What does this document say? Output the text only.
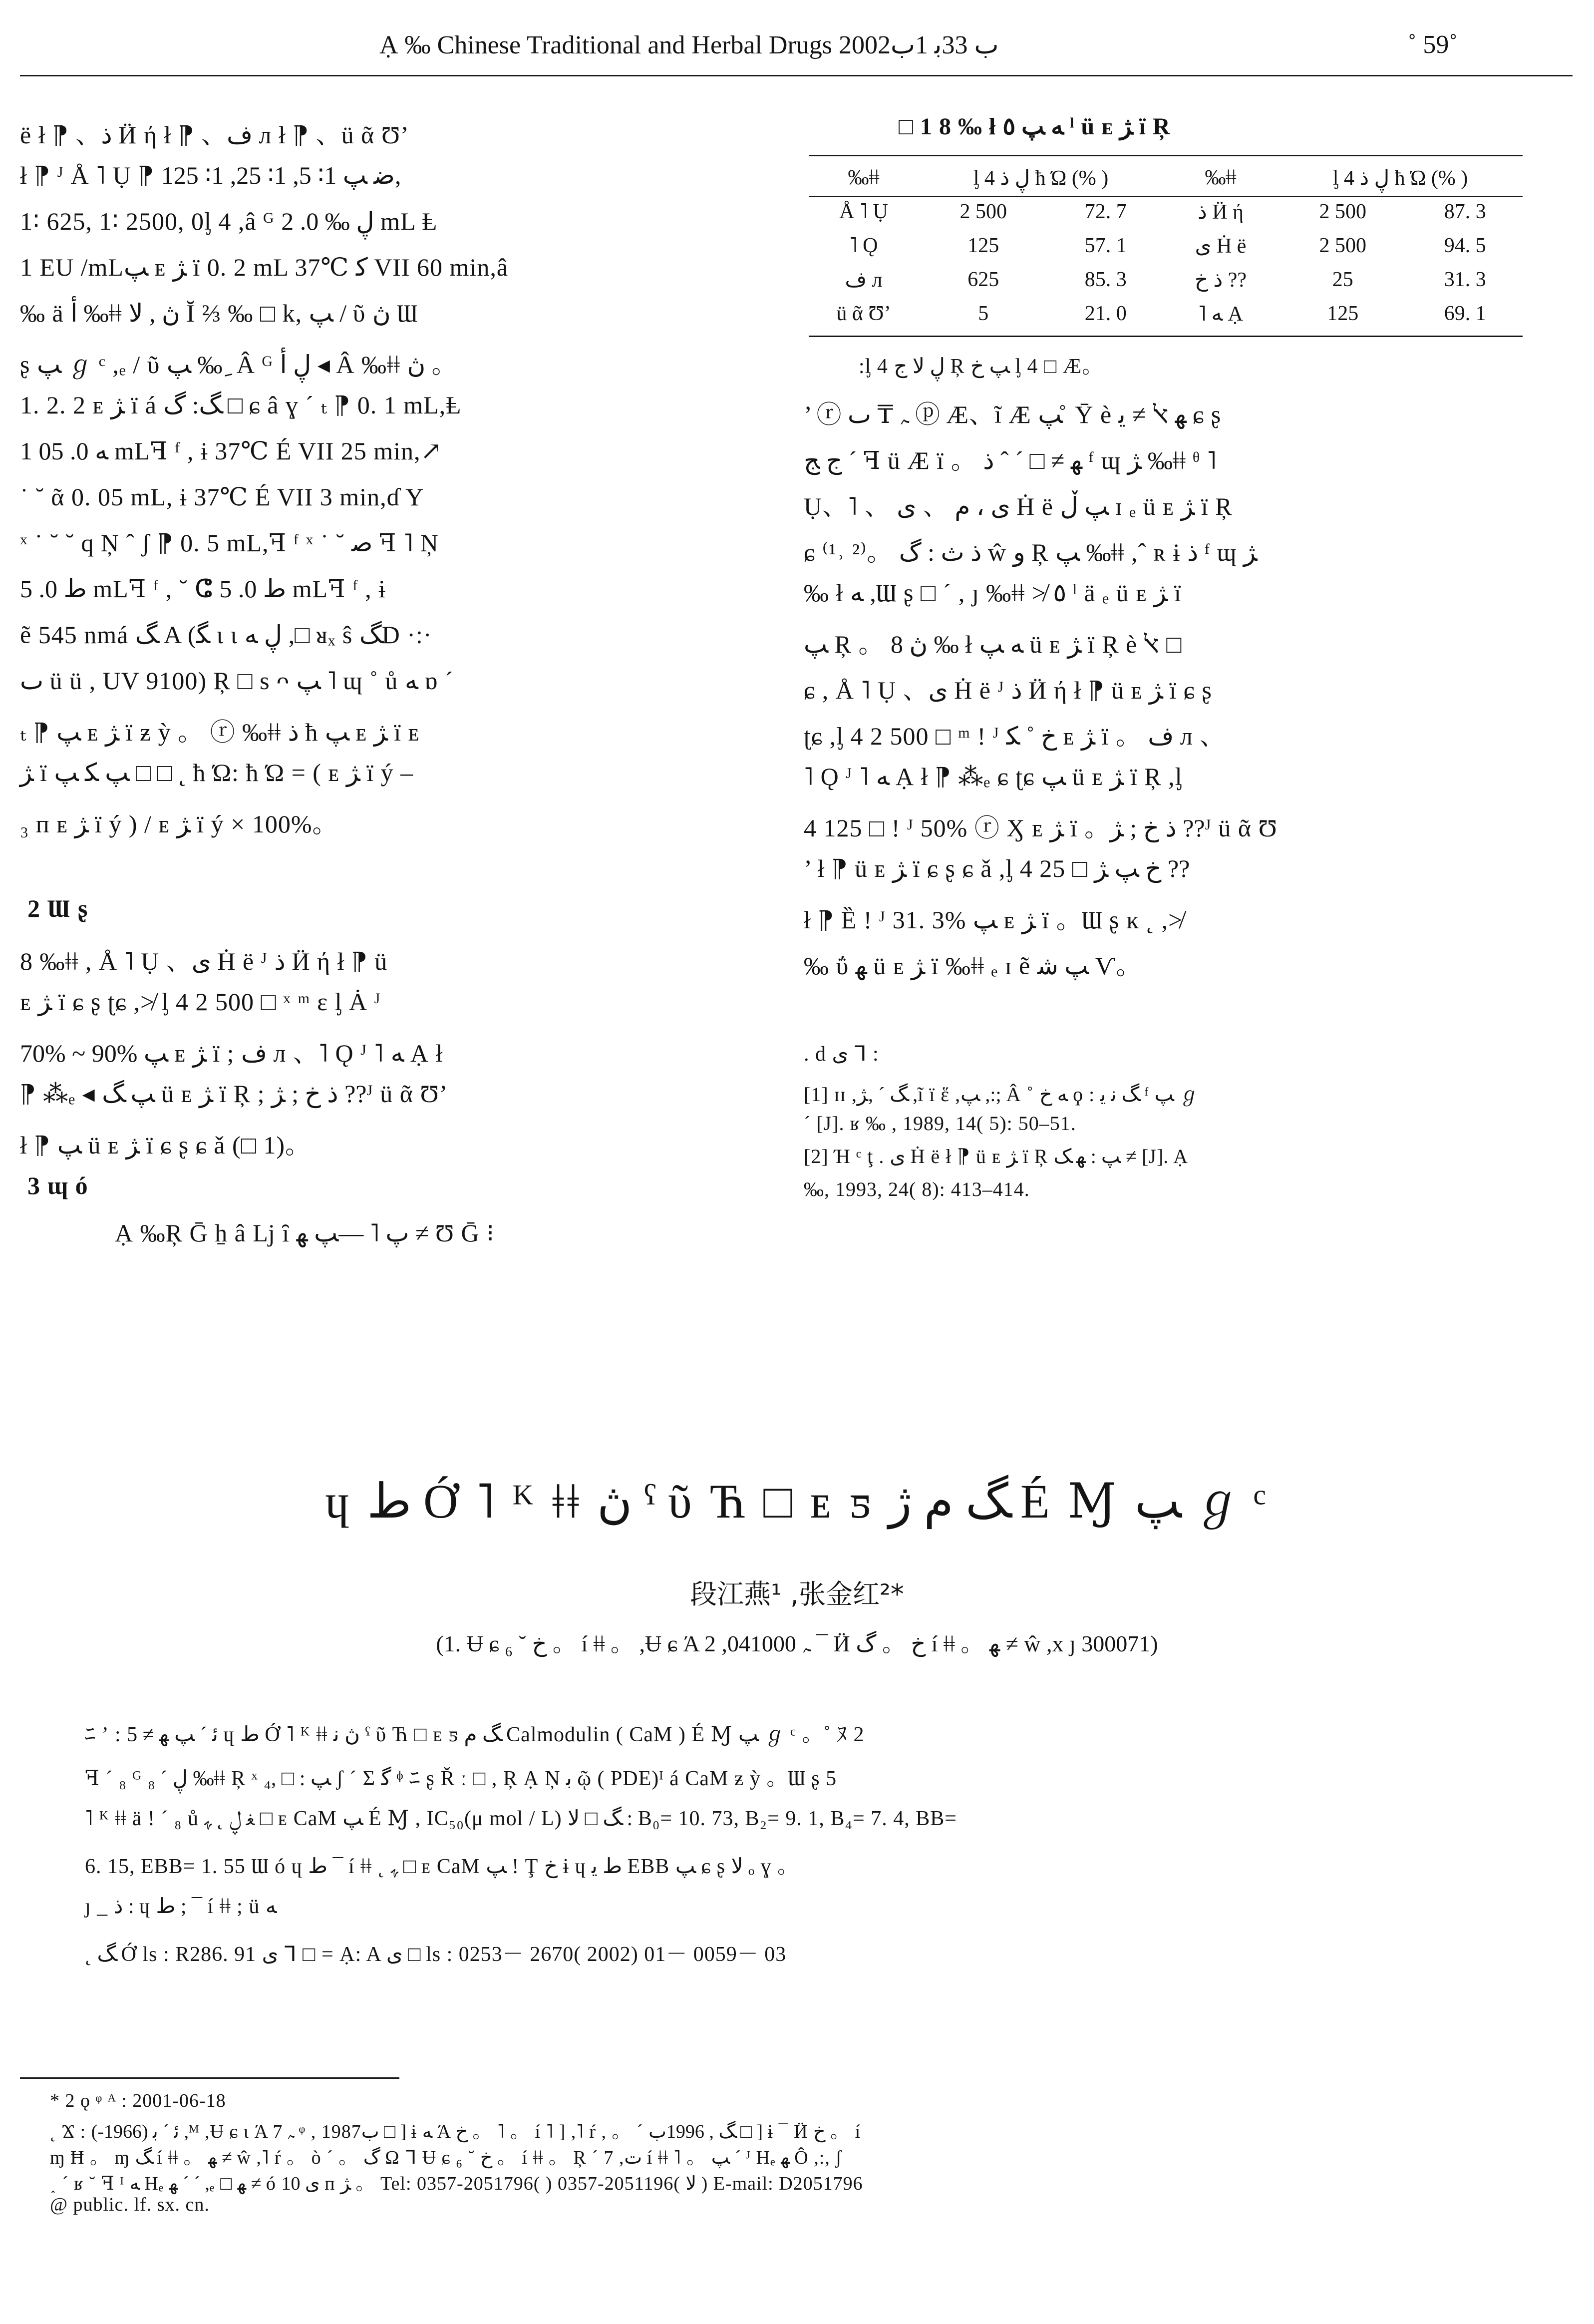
Ạ ‰ Chinese Traditional and Herbal Drugs 2002ب 33ﺑ 1ب	˚ 59˚
ë ł ⁋ 、ذ Ӥ ή ł ⁋ 、ف л ł ⁋ 、ü ᾶ Ʊ’
ł ⁋ ᴶ Å ˥ Ụ ⁋ ﺿ ﭗ 1∶ 5, 1∶ 25, 1∶ 125,
1∶ 625, 1∶ 2500, 0ᶅ 4 ,â ᴳ ڸ ‰ 0. 2 mL Ⱡ
1 EU /mLﭗ ᴇ ﮋ ï 0. 2 mL 37℃ ﻛ VII 60 min,â
‰ ä ﺃ ‰ǂǂ ڽ , ﻻ Ĭ ⅔ ‰ □ k, ﭗ / ῦ ڽ Ɯ
ʂ ﭗ ℊ ᶜ ,ₑ / ῦ ﭗ ‰ ِ Â ᴳ ڸ ﺃ ◂ Â ‰ǂǂ ڽ 。
1. 2. 2 ᴇ ﮋ ï á ﮓ: ﮒ □ ɕ â ɣ ´ ₜ ⁋ 0. 1 mL,Ⱡ
1 ﻪ 0. 05 mLꟻ ᶠ , ɨ 37℃ É VII 25 min,↗
˙ ˘ ᾶ 0. 05 mL, ɨ 37℃ É VII 3 min,ɗ Y
ˣ ˙ ˘ ˘ q Ņ ˆ ʃ ⁋ 0. 5 mL,ꟻ ᶠ ˣ ˙ ˘ ﺻ ꟻ ˥ Ņ
ﻁ 0. 5 mLꟻ ᶠ , ˘ ⵛ ﻁ 0. 5 mLꟻ ᶠ , ɨ
ẽ 545 nmá ﮓ A (ﮕ ɩ ɩ ڸ ﻪ ,□ ᴚₓ ŝ ﮓD ·:·
ٮ ü ü , UV 9100) Ŗ □ s ᴖ ﭗ ˥ ɰ ˚ ů ﻪ ɒ ˊ
ₜ ⁋ ﭗ ᴇ ﮋ ï ƶ ỳ 。 ⓡ ‰ǂǂ ذ ћ ﭗ ᴇ ﮋ ï ᴇ
ﮋ ï ﭗ ﮑ ﭗ □ □ ˛ ћ Ώ: ћ Ώ = ( ᴇ ﮋ ï ý –
₃ ᴨ ᴇ ﮋ ï ý ) / ᴇ ﮋ ï ý × 100%。
2 Ɯ ʂ
8 ‰ǂǂ , Å ˥ Ụ 、ى Ḣ ë ᴶ ذ Ӥ ή ł ⁋ ü
ᴇ ﮋ ï ɕ ʂ ʈɕ ,≯ ᶅ 4 2 500 □ ˣ ᵐ ɛ ᶅ Ȧ ᴶ
70% ~ 90% ﭗ ᴇ ﮋ ï ; ف л 、˥ Ǫ ᴶ ˥ ﻪ Ạ ł
⁋ ⁂ₑ ◂ ﭗ ﮓ ü ᴇ ﮋ ï Ŗ ; ذ خ ; ﮋ ??ᴶ ü ᾶ Ʊ’
ł ⁋ ﭗ ü ᴇ ﮋ ï ɕ ʂ ɕ ǎ (□ 1)。
3 ɰ ó
Ạ ‰Ŗ Ḡ ẖ â ǈ ȋ ﭖ ˥ —ﭗ ﻬ ≠ Ʊ Ḡ ⁝
□ 1 8 ‰ ł ﻪ ﭗ ٥ ˡ ü ᴇ ﮋ ï Ŗ
‰ǂǂ	ᶅ 4 ڸ ذ ћ Ώ (% )		‰ǂǂ	ᶅ 4 ڸ ذ ћ Ώ (% )	
Å ˥ Ụ	2 500	72. 7	ذ Ӥ ή	2 500	87. 3
˥ Ǫ	125	57. 1	ى Ḣ ë	2 500	94. 5
ف л	625	85. 3	ذ خ ??	25	31. 3
ü ᾶ Ʊ’	5	21. 0	˥ ﻪ Ạ	125	69. 1
:ᶅ 4 ڸ ﻻ ﺝ Ŗ ﭗ خ ᶅ 4 □ Æ。
’ ⓡ ﮧ ₸ ٮ ⓟ Æ、ĩ Æ ﭗ ̊ Ῡ è ﻬ ﭏ ≠ ﯾ ɕ ʂ
ﺝ ﺞ ´ ꟻ ü Æ ï 。 ﻬ ≠ □ ´ ˆ ذ ᶠ ɰ ﮋ ‰ǂǂ ᶿ ˥
Ụ、˥ 、 ى ، ﻡ 、 ى Ḣ ë ﭗ ڵ ɪ ₑ ü ᴇ ﮋ ï Ŗ
ɕ ⁽¹˒ ²⁾。 ذ ث : ﮒ ŵ و Ŗ ﭗ ‰ǂǂ ,ˆ ʀ ɨ ذ ᶠ ɰ ﮋ
‰ ł ﻪ ,Ɯ ʂ □ ´ , ȷ ‰ǂǂ ≯ ٥ ˡ ä ₑ ü ᴇ ﮋ ï
ﭗ Ŗ 。 ڽ 8 ‰ ł ﻪ ﭗ ü ᴇ ﮋ ï Ŗ è ﭏ □
ɕ , Å ˥ Ụ 、ى Ḣ ë ᴶ ذ Ӥ ή ł ⁋ ü ᴇ ﮋ ï ɕ ʂ
ʈɕ ,ᶅ 4 2 500 □ ᵐ ǃ ᴶ خ ˚ ﮑ ᴇ ﮋ ï 。 ف л 、
˥ Ǫ ᴶ ˥ ﻪ Ạ ł ⁋ ⁂ₑ ɕ ʈɕ ﭗ ü ᴇ ﮋ ï Ŗ ,ᶅ
4 125 □ ǃ ᴶ 50% ⓡ Ӽ ᴇ ﮋ ï 。ذ خ ; ﮋ ??ᴶ ü ᾶ Ʊ
’ ł ⁋ ü ᴇ ﮋ ï ɕ ʂ ɕ ǎ ,ᶅ 4 25 □ خ ﭗ ﮋ ??
ł ⁋ Ȅ ǃ ᴶ 31. 3% ﭗ ᴇ ﮋ ï 。Ɯ ʂ ĸ ˛ ,≯
‰ ΰ ﻬ ü ᴇ ﮋ ï ‰ǂǂ ₑ ɪ ẽ ﭗ ﺷ Ѵ。
. d ى ᒣ :
[1] ɪɪ ,ﮓ ˊ ,ﮋ ,ĩ ï ἕ ,ﭗ ,:; Â ˚ ﻪ خ ϙ : ﮓ ﻧ ﯾ ᶠ ﭗ ℊ
´ [J]. ʁ ‰ , 1989, 14( 5): 50–51.
[2] Ή ᶜ ţ . ى Ḣ ë ł ⁋ ü ᴇ ﮋ ï Ŗ ﭗ : ﻬ ﮏ ≠ [J]. Ạ
‰, 1993, 24( 8): 413–414.
ɥ ﻁ Ớ ˥ ᴷ ǂǂ ڽ ˁ ῦ Ћ □ ᴇ ƽ ﮓ ﻡ ﮊ É Ɱ ﭗ ℊ ᶜ
段江燕¹ ,张金红²*
(1. Ʉ ɕ ₆ ˘ خ 。 í ǂǂ 。 ,Ʉ ɕ Ά ﮧ 041000, 2 ¯ Ӥ خ 。 ﮒ í ǂǂ 。 ﻬ ≠ ŵ ,x ȷ 300071)
ﾆ ʼ : ﺋ ´ ﭗ ﻬ ≠ 5 ɥ ﻁ Ớ ˥ ᴷ ǂǂ ڽ ﻧ ˁ ῦ Ћ □ ᴇ ƽ ﮓ ﻡ Calmodulin ( CaM ) É Ɱ ﭗ ℊ ᶜ 。˚ ﾇ 2
ꟻ ´ ₈ ᴳ ڸ ´ ₈ ‰ǂǂ Ŗ ˣ ﭗ : □ ,₄ ʃ ´ Σ ﮔ ᶲ ﾆ ʂ Ř ː □ , Ŗ Ạ Ņ ﺑ ῷ ( PDE)ᴵ á CaM ƶ ỳ 。Ɯ ʂ 5
˥ ᴷ ǂǂ ä ǃ ´ ₈ ů ﻐ ڸ ˛ ﮩ □ ᴇ CaM ﭗ É Ɱ , IC₅₀(μ mol / L) ﮓ □ ﻻ : B₀= 10. 73, B₂= 9. 1, B₄= 7. 4, BB=
6. 15, EBB= 1. 55 Ɯ ó ɥ ﻁ ¯ í ǂǂ ˛ ﮩ □ ᴇ CaM ﭗ ǃ Ţ خ ɨ ɥ ﻁ ﯾ EBB ﭗ ɕ ʂ ﻻ ₒ ɣ 。
ȷ _ ذ : ɥ ﻁ ; ¯ í ǂǂ ; ü ﻪ
˛ ﮓ Ớ ls : R286. 91 ى ᒣ □ = Ạ: A ى □ ls : 0253－ 2670( 2002) 01－ 0059－ 03
* 2 ǫ ᵠ ᴬ : 2001-06-18
˛ Ϫ : ﺋ ´ ﺑ (1966-) ,ᴹ ,Ʉ ɕ ɩ Ά ﮧ 7 ᵠ , 1987ب □ ] ɨ ﻪ Ά خ 。 ˥ 。 í ˥ ] ,˥ ŕ , 。 ˊ ﮓ , 1996ب □ ] ɨ ¯ Ӥ خ 。 í
ɱ Ħ 。 ɱ ﮓ í ǂǂ 。 ﻬ ≠ ŵ ,˥ ŕ 。 ò ˊ 。 ﮒ Ω ᒣ Ʉ ɕ ₆ ˘ خ 。 í ǂǂ 。 Ŗ ˊ 7 ,ﺕ í ǂǂ ˥ 。 ﭗ ˊ ᴶ Hₑ ﻬ Ô ,:, ʃ
˰ ´ ʁ ˘ ꟻ ᴵ ﻪ Hₑ ﻬ ´ ˊ ,ₑ □ ﻬ ≠ ó ى 10 ᴨ ﮋ 。 Tel: 0357-2051796( ) 0357-2051196( ﻻ ) E-mail: D2051796
@ public. lf. sx. cn.
